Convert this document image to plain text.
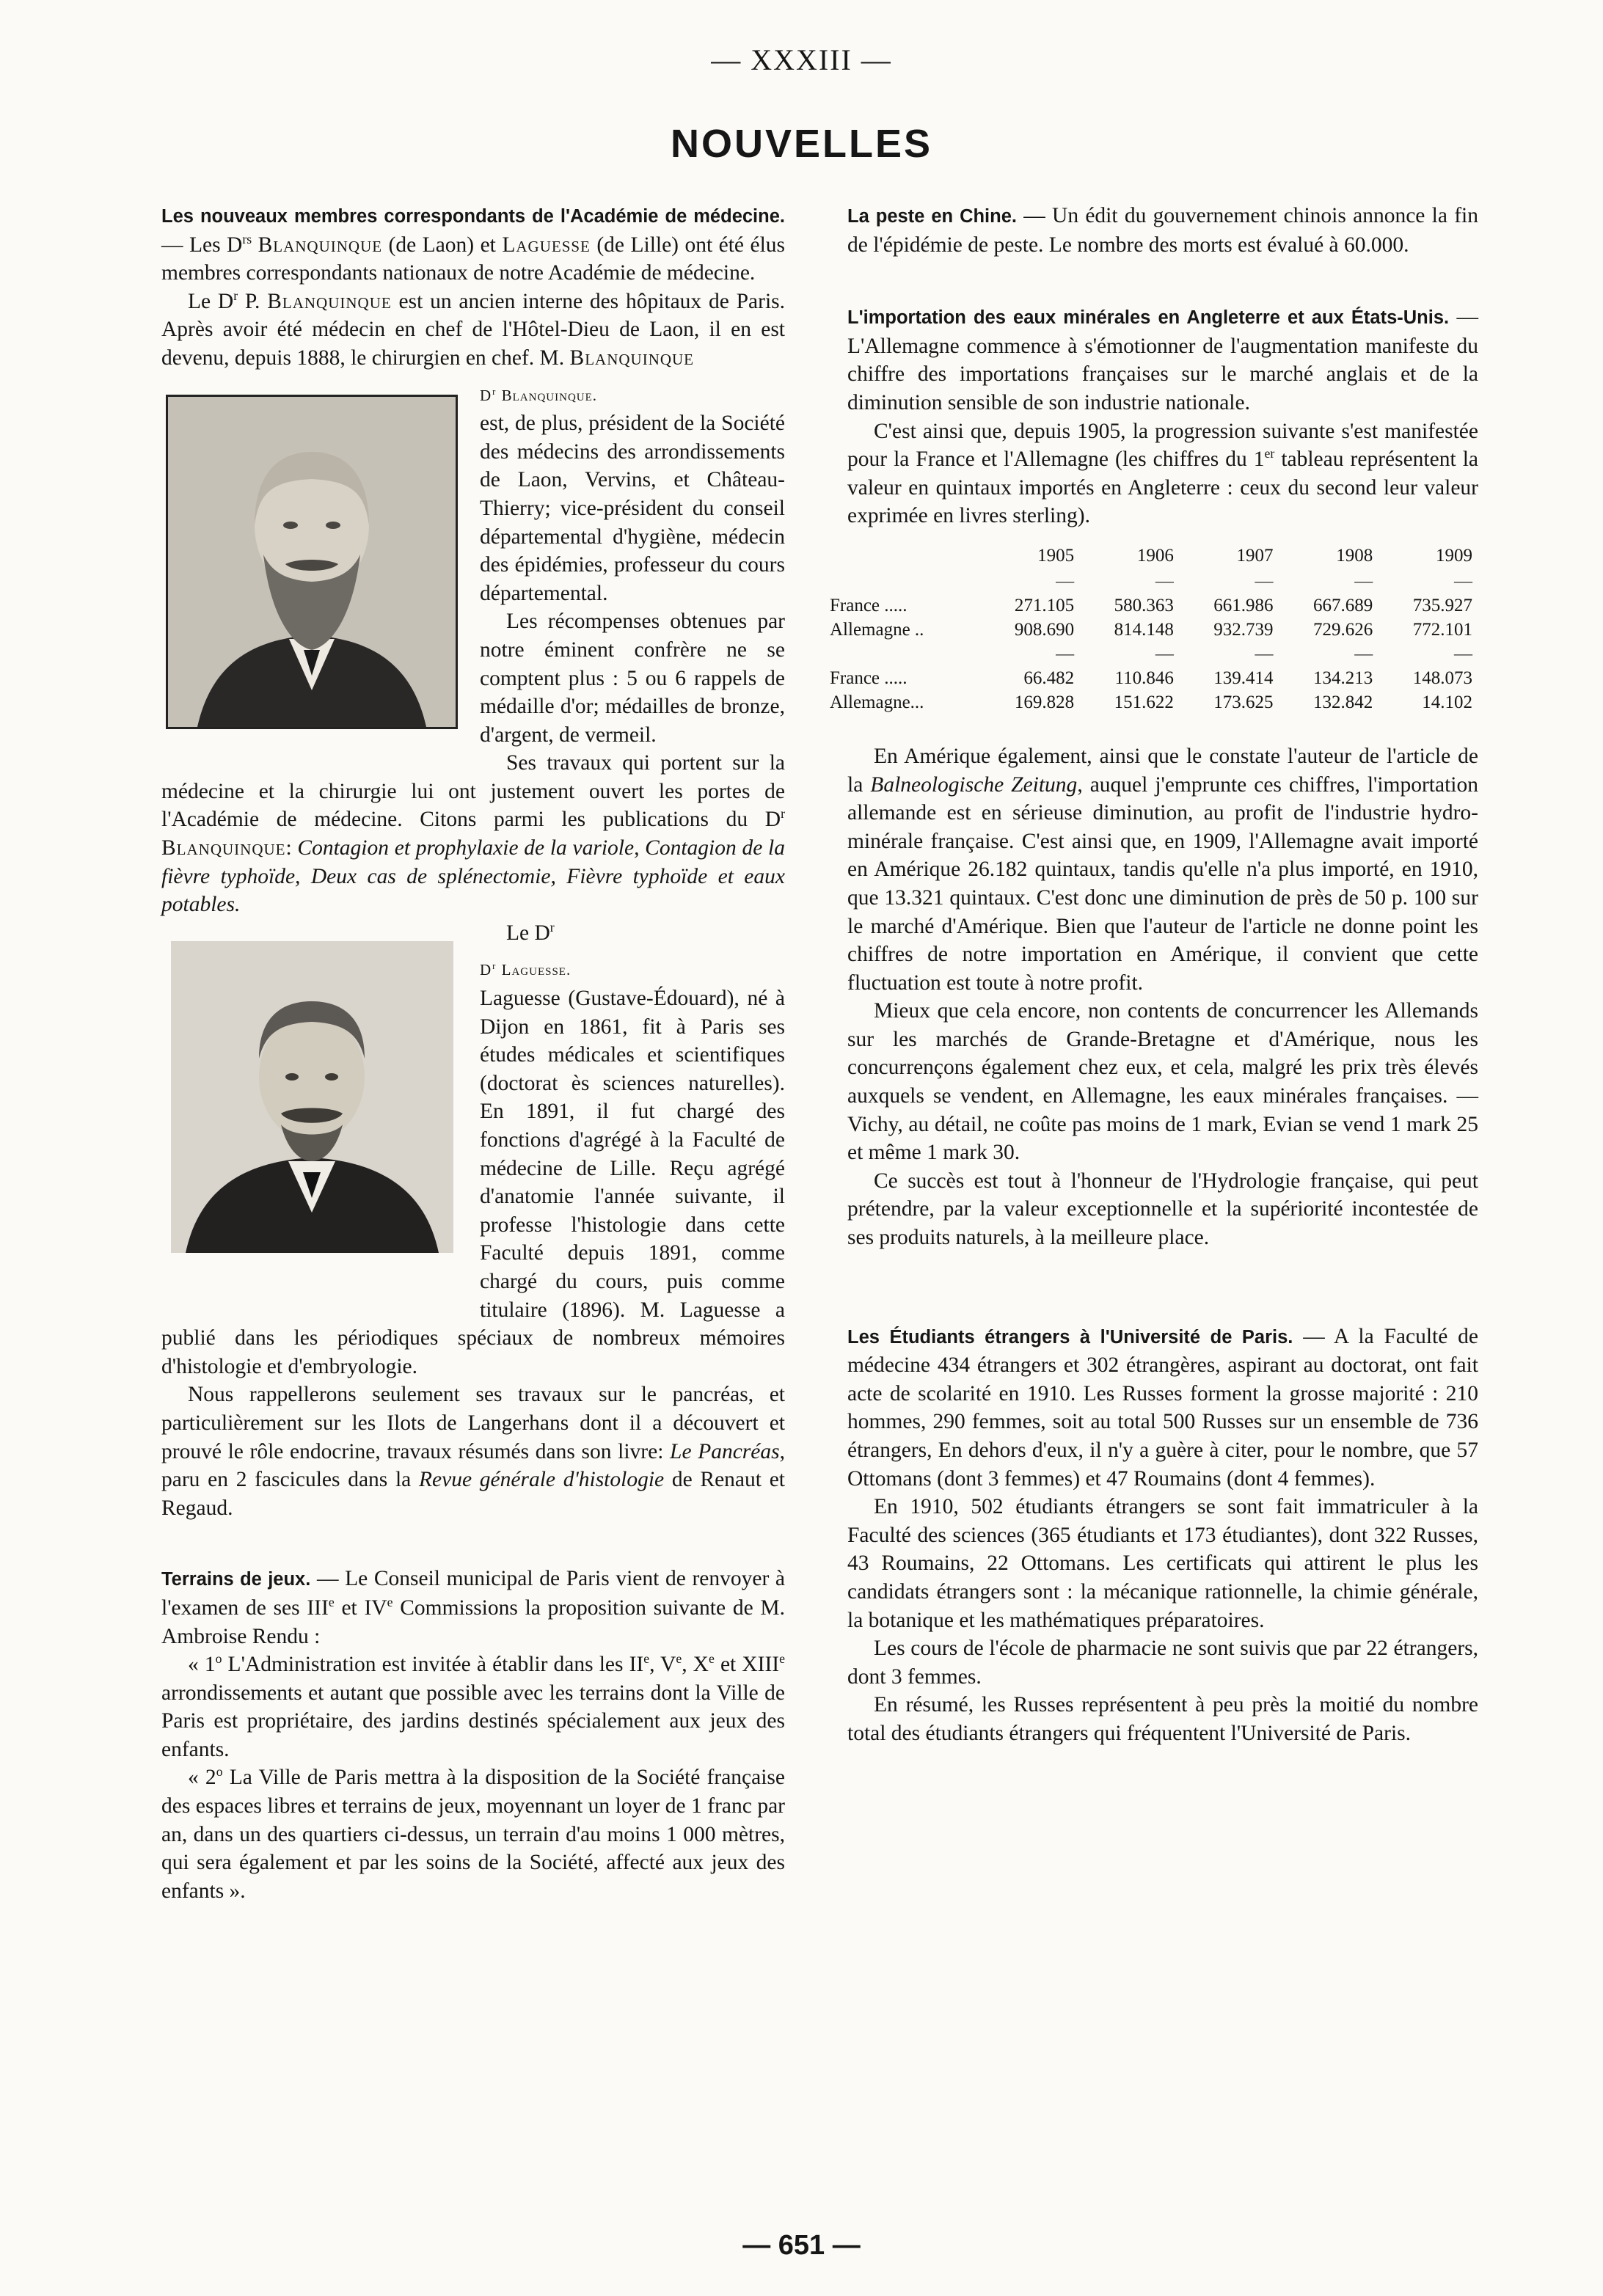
— XXXIII —
NOUVELLES

Les nouveaux membres correspondants de l'Académie de médecine. — Les $D^{rs}$ Blanquinque (de Laon) et Laguesse (de Lille) ont été élus membres correspondants nationaux de notre Académie de médecine.

Le $D^r$ P. Blanquinque est un ancien interne des hôpitaux de Paris. Après avoir été médecin en chef de l'Hôtel-Dieu de Laon, il en est devenu, depuis 1888, le chirurgien en chef. M. Blanquinque

$D^r$ Blanquinque.
est, de plus, président de la Société des médecins des arrondissements de Laon, Vervins, et Château-Thierry; vice-président du conseil départemental d'hygiène, médecin des épidémies, professeur du cours départemental.

Les récompenses obtenues par notre éminent confrère ne se comptent plus : 5 ou 6 rappels de médaille d'or; médailles de bronze, d'argent, de vermeil.

Ses travaux qui portent sur la médecine et la chirurgie lui ont justement ouvert les portes de l'Académie de médecine. Citons parmi les publications du $D^r$ Blanquinque: Contagion et prophylaxie de la variole, Contagion de la fièvre typhoïde, Deux cas de splénectomie, Fièvre typhoïde et eaux potables.

Le $D^r$

$D^r$ Laguesse.
Laguesse (Gustave-Édouard), né à Dijon en 1861, fit à Paris ses études médicales et scientifiques (doctorat ès sciences naturelles). En 1891, il fut chargé des fonctions d'agrégé à la Faculté de médecine de Lille. Reçu agrégé d'anatomie l'année suivante, il professe l'histologie dans cette Faculté depuis 1891, comme chargé du cours, puis comme titulaire (1896). M. Laguesse a publié dans les périodiques spéciaux de nombreux mémoires d'histologie et d'embryologie.

Nous rappellerons seulement ses travaux sur le pancréas, et particulièrement sur les Ilots de Langerhans dont il a découvert et prouvé le rôle endocrine, travaux résumés dans son livre: Le Pancréas, paru en 2 fascicules dans la Revue générale d'histologie de Renaut et Regaud.

Terrains de jeux. — Le Conseil municipal de Paris vient de renvoyer à l'examen de ses IIIe et IVe Commissions la proposition suivante de M. Ambroise Rendu :

« 1$^o$ L'Administration est invitée à établir dans les IIe, Ve, Xe et XIIIe arrondissements et autant que possible avec les terrains dont la Ville de Paris est propriétaire, des jardins destinés spécialement aux jeux des enfants.

« 2$^o$ La Ville de Paris mettra à la disposition de la Société française des espaces libres et terrains de jeux, moyennant un loyer de 1 franc par an, dans un des quartiers ci-dessus, un terrain d'au moins 1 000 mètres, qui sera également et par les soins de la Société, affecté aux jeux des enfants ».

La peste en Chine. — Un édit du gouvernement chinois annonce la fin de l'épidémie de peste. Le nombre des morts est évalué à 60.000.

L'importation des eaux minérales en Angleterre et aux États-Unis. — L'Allemagne commence à s'émotionner de l'augmentation manifeste du chiffre des importations françaises sur le marché anglais et de la diminution sensible de son industrie nationale.

C'est ainsi que, depuis 1905, la progression suivante s'est manifestée pour la France et l'Allemagne (les chiffres du 1er tableau représentent la valeur en quintaux importés en Angleterre : ceux du second leur valeur exprimée en livres sterling).

	1905	1906	1907	1908	1909
	—	—	—	—	—
France .....	271.105	580.363	661.986	667.689	735.927
Allemagne ..	908.690	814.148	932.739	729.626	772.101
	—	—	—	—	—
France .....	66.482	110.846	139.414	134.213	148.073
Allemagne...	169.828	151.622	173.625	132.842	14.102

En Amérique également, ainsi que le constate l'auteur de l'article de la Balneologische Zeitung, auquel j'emprunte ces chiffres, l'importation allemande est en sérieuse diminution, au profit de l'industrie hydro-minérale française. C'est ainsi que, en 1909, l'Allemagne avait importé en Amérique 26.182 quintaux, tandis qu'elle n'a plus importé, en 1910, que 13.321 quintaux. C'est donc une diminution de près de 50 p. 100 sur le marché d'Amérique. Bien que l'auteur de l'article ne donne point les chiffres de notre importation en Amérique, il convient que cette fluctuation est toute à notre profit.

Mieux que cela encore, non contents de concurrencer les Allemands sur les marchés de Grande-Bretagne et d'Amérique, nous les concurrençons également chez eux, et cela, malgré les prix très élevés auxquels se vendent, en Allemagne, les eaux minérales françaises. — Vichy, au détail, ne coûte pas moins de 1 mark, Evian se vend 1 mark 25 et même 1 mark 30.

Ce succès est tout à l'honneur de l'Hydrologie française, qui peut prétendre, par la valeur exceptionnelle et la supériorité incontestée de ses produits naturels, à la meilleure place.

Les Étudiants étrangers à l'Université de Paris. — A la Faculté de médecine 434 étrangers et 302 étrangères, aspirant au doctorat, ont fait acte de scolarité en 1910. Les Russes forment la grosse majorité : 210 hommes, 290 femmes, soit au total 500 Russes sur un ensemble de 736 étrangers, En dehors d'eux, il n'y a guère à citer, pour le nombre, que 57 Ottomans (dont 3 femmes) et 47 Roumains (dont 4 femmes).

En 1910, 502 étudiants étrangers se sont fait immatriculer à la Faculté des sciences (365 étudiants et 173 étudiantes), dont 322 Russes, 43 Roumains, 22 Ottomans. Les certificats qui attirent le plus les candidats étrangers sont : la mécanique rationnelle, la chimie générale, la botanique et les mathématiques préparatoires.

Les cours de l'école de pharmacie ne sont suivis que par 22 étrangers, dont 3 femmes.

En résumé, les Russes représentent à peu près la moitié du nombre total des étudiants étrangers qui fréquentent l'Université de Paris.

— 651 —
